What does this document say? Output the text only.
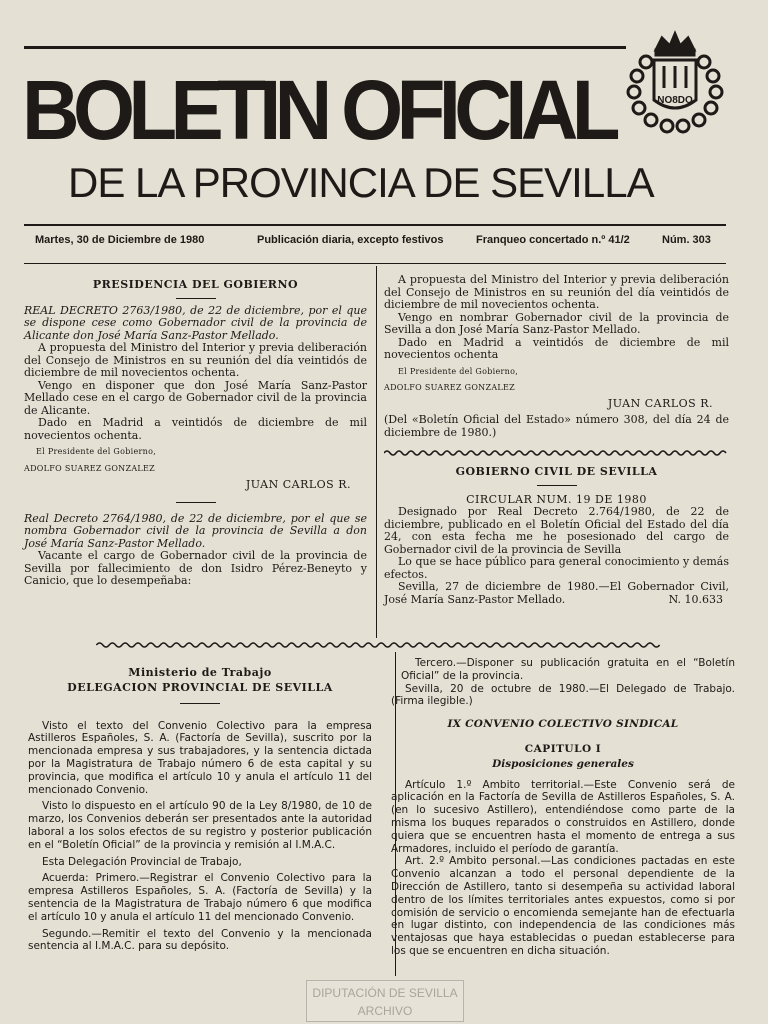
BOLETIN OFICIAL
DE LA PROVINCIA DE SEVILLA
NO8DO
Martes, 30 de Diciembre de 1980	Publicación diaria, excepto festivos	Franqueo concertado n.º 41/2	Núm. 303

PRESIDENCIA DEL GOBIERNO

REAL DECRETO 2763/1980, de 22 de diciembre, por el que se dispone cese como Gobernador civil de la provincia de Alicante don José María Sanz-Pastor Mellado.

A propuesta del Ministro del Interior y previa deliberación del Consejo de Ministros en su reunión del día veintidós de diciembre de mil novecientos ochenta.

Vengo en disponer que don José María Sanz-Pastor Mellado cese en el cargo de Gobernador civil de la provincia de Alicante.

Dado en Madrid a veintidós de diciembre de mil novecientos ochenta.

El Presidente del Gobierno,

ADOLFO SUAREZ GONZALEZ

JUAN CARLOS R.

Real Decreto 2764/1980, de 22 de diciembre, por el que se nombra Gobernador civil de la provincia de Sevilla a don José María Sanz-Pastor Mellado.

Vacante el cargo de Gobernador civil de la provincia de Sevilla por fallecimiento de don Isidro Pérez-Beneyto y Canicio, que lo desempeñaba:

A propuesta del Ministro del Interior y previa deliberación del Consejo de Ministros en su reunión del día veintidós de diciembre de mil novecientos ochenta.

Vengo en nombrar Gobernador civil de la provincia de Sevilla a don José María Sanz-Pastor Mellado.

Dado en Madrid a veintidós de diciembre de mil novecientos ochenta

El Presidente del Gobierno,

ADOLFO SUAREZ GONZALEZ

JUAN CARLOS R.

(Del «Boletín Oficial del Estado» número 308, del día 24 de diciembre de 1980.)

GOBIERNO CIVIL DE SEVILLA

CIRCULAR NUM. 19 DE 1980

Designado por Real Decreto 2.764/1980, de 22 de diciembre, publicado en el Boletín Oficial del Estado del día 24, con esta fecha me he posesionado del cargo de Gobernador civil de la provincia de Sevilla

Lo que se hace público para general conocimiento y demás efectos.

Sevilla, 27 de diciembre de 1980.—El Gobernador Civil, José María Sanz-Pastor Mellado.	N. 10.633

Ministerio de Trabajo

DELEGACION PROVINCIAL DE SEVILLA

Visto el texto del Convenio Colectivo para la empresa Astilleros Españoles, S. A. (Factoría de Sevilla), suscrito por la mencionada empresa y sus trabajadores, y la sentencia dictada por la Magistratura de Trabajo número 6 de esta capital y su provincia, que modifica el artículo 10 y anula el artículo 11 del mencionado Convenio.

Visto lo dispuesto en el artículo 90 de la Ley 8/1980, de 10 de marzo, los Convenios deberán ser presentados ante la autoridad laboral a los solos efectos de su registro y posterior publicación en el “Boletín Oficial” de la provincia y remisión al I.M.A.C.

Esta Delegación Provincial de Trabajo,

Acuerda: Primero.—Registrar el Convenio Colectivo para la empresa Astilleros Españoles, S. A. (Factoría de Sevilla) y la sentencia de la Magistratura de Trabajo número 6 que modifica el artículo 10 y anula el artículo 11 del mencionado Convenio.

Segundo.—Remitir el texto del Convenio y la mencionada sentencia al I.M.A.C. para su depósito.

Tercero.—Disponer su publicación gratuita en el “Boletín Oficial” de la provincia.

Sevilla, 20 de octubre de 1980.—El Delegado de Trabajo. (Firma ilegible.)

IX CONVENIO COLECTIVO SINDICAL

CAPITULO I

Disposiciones generales

Artículo 1.º Ambito territorial.—Este Convenio será de aplicación en la Factoría de Sevilla de Astilleros Españoles, S. A. (en lo sucesivo Astillero), entendiéndose como parte de la misma los buques reparados o construidos en Astillero, donde quiera que se encuentren hasta el momento de entrega a sus Armadores, incluido el período de garantía.

Art. 2.º Ambito personal.—Las condiciones pactadas en este Convenio alcanzan a todo el personal dependiente de la Dirección de Astillero, tanto si desempeña su actividad laboral dentro de los límites territoriales antes expuestos, como si por comisión de servicio o encomienda semejante han de efectuarla en lugar distinto, con independencia de las condiciones más ventajosas que haya establecidas o puedan establecerse para los que se encuentren en dicha situación.

DIPUTACIÓN DE SEVILLA
ARCHIVO
